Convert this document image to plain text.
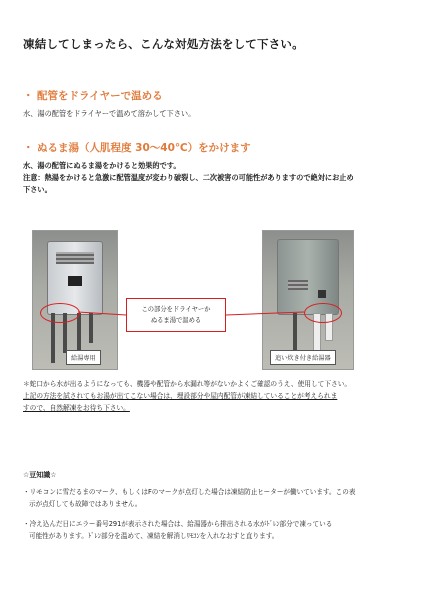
凍結してしまったら、こんな対処方法をして下さい。
・ 配管をドライヤーで温める
水、湯の配管をドライヤーで温めて溶かして下さい。
・ ぬるま湯（人肌程度 30～40℃）をかけます
水、湯の配管にぬるま湯をかけると効果的です。
注意：熱湯をかけると急激に配管温度が変わり破裂し、二次被害の可能性がありますので絶対にお止め
下さい。
給湯専用	追い炊き付き給湯器
この部分をドライヤーか
ぬるま湯で温める
＊蛇口から水が出るようになっても、機器や配管から水漏れ等がないかよくご確認のうえ、使用して下さい。
上記の方法を試されてもお湯が出てこない場合は、埋設部分や屋内配管が凍結していることが考えられま
すので、自然解凍をお待ち下さい。
☆豆知識☆
・リモコンに雪だるまのマーク、もしくはFのマークが点灯した場合は凍結防止ヒーターが働いています。この表
示が点灯しても故障ではありません。
・冷え込んだ日にエラー番号291が表示された場合は、給湯器から排出される水がﾄﾞﾚﾝ部分で凍っている
可能性があります。ﾄﾞﾚﾝ部分を温めて、凍結を解消しﾘﾓｺﾝを入れなおすと直ります。
